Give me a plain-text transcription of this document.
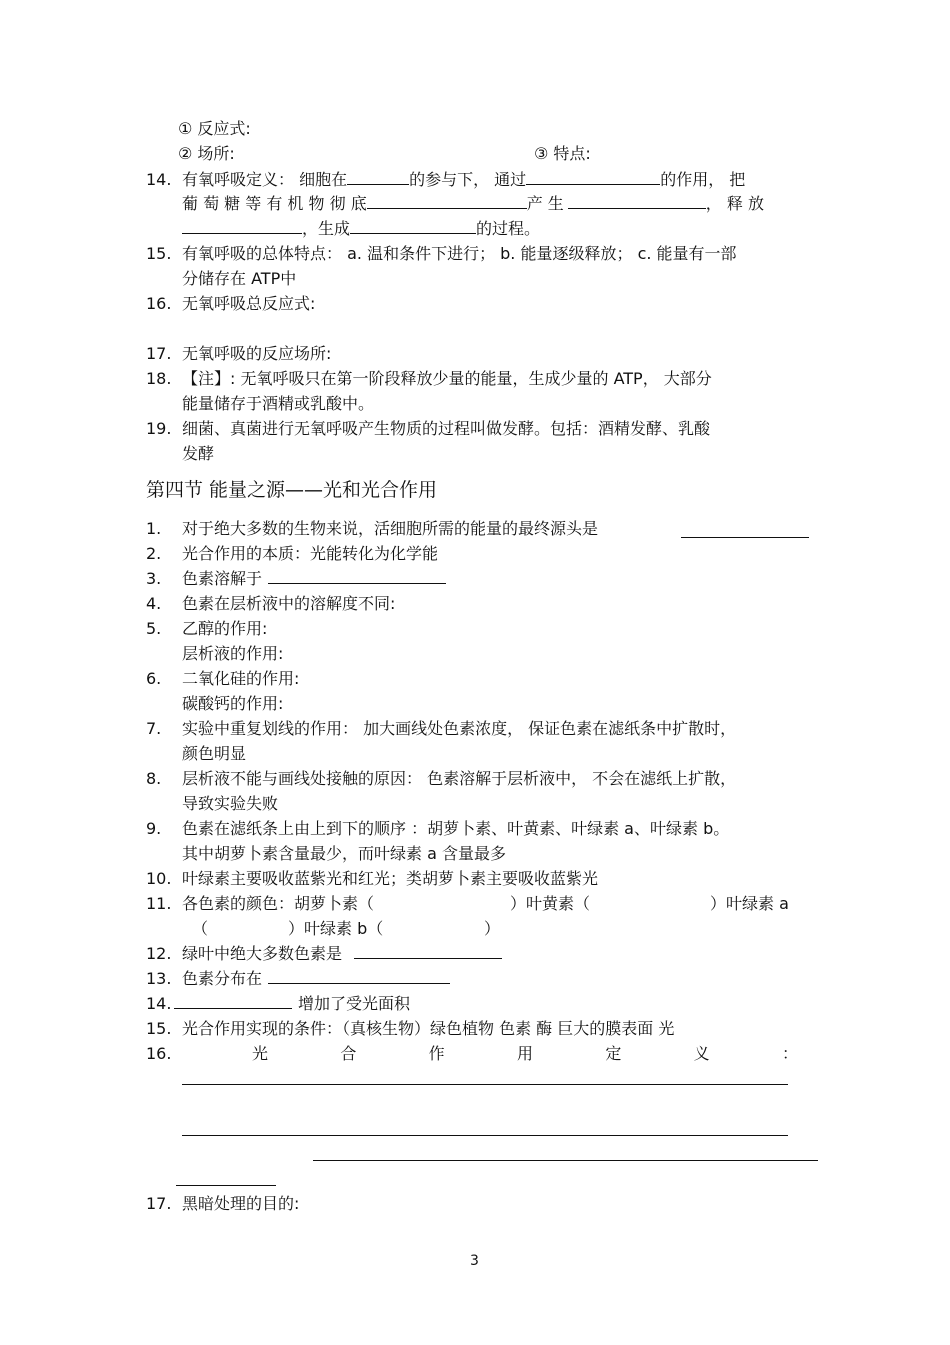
① 反应式:
② 场所:	③ 特点:
14. 有氧呼吸定义： 细胞在	的参与下， 通过	的作用， 把
葡 萄 糖 等 有 机 物 彻 底	产 生	， 释 放
，生成	的过程。
15. 有氧呼吸的总体特点： a. 温和条件下进行； b. 能量逐级释放； c. 能量有一部
分储存在 ATP中
16. 无氧呼吸总反应式:
17. 无氧呼吸的反应场所:
18. 【注】: 无氧呼吸只在第一阶段释放少量的能量，生成少量的 ATP， 大部分
能量储存于酒精或乳酸中。
19. 细菌、真菌进行无氧呼吸产生物质的过程叫做发酵。包括：酒精发酵、乳酸
发酵
第四节 能量之源——光和光合作用
1. 对于绝大多数的生物来说，活细胞所需的能量的最终源头是
2. 光合作用的本质：光能转化为化学能
3. 色素溶解于
4. 色素在层析液中的溶解度不同:
5. 乙醇的作用:
层析液的作用:
6. 二氧化硅的作用:
碳酸钙的作用:
7. 实验中重复划线的作用： 加大画线处色素浓度， 保证色素在滤纸条中扩散时，
颜色明显
8. 层析液不能与画线处接触的原因： 色素溶解于层析液中， 不会在滤纸上扩散，
导致实验失败
9. 色素在滤纸条上由上到下的顺序 ：胡萝卜素、叶黄素、叶绿素 a、叶绿素 b。
其中胡萝卜素含量最少，而叶绿素 a 含量最多
10. 叶绿素主要吸收蓝紫光和红光；类胡萝卜素主要吸收蓝紫光
11. 各色素的颜色：胡萝卜素（	）叶黄素（	）叶绿素 a
（	）叶绿素 b（	）
12. 绿叶中绝大多数色素是
13. 色素分布在
14.	增加了受光面积
15. 光合作用实现的条件：（真核生物）绿色植物 色素 酶 巨大的膜表面 光
16.	光	合	作	用	定	义	：
17. 黑暗处理的目的:
3
